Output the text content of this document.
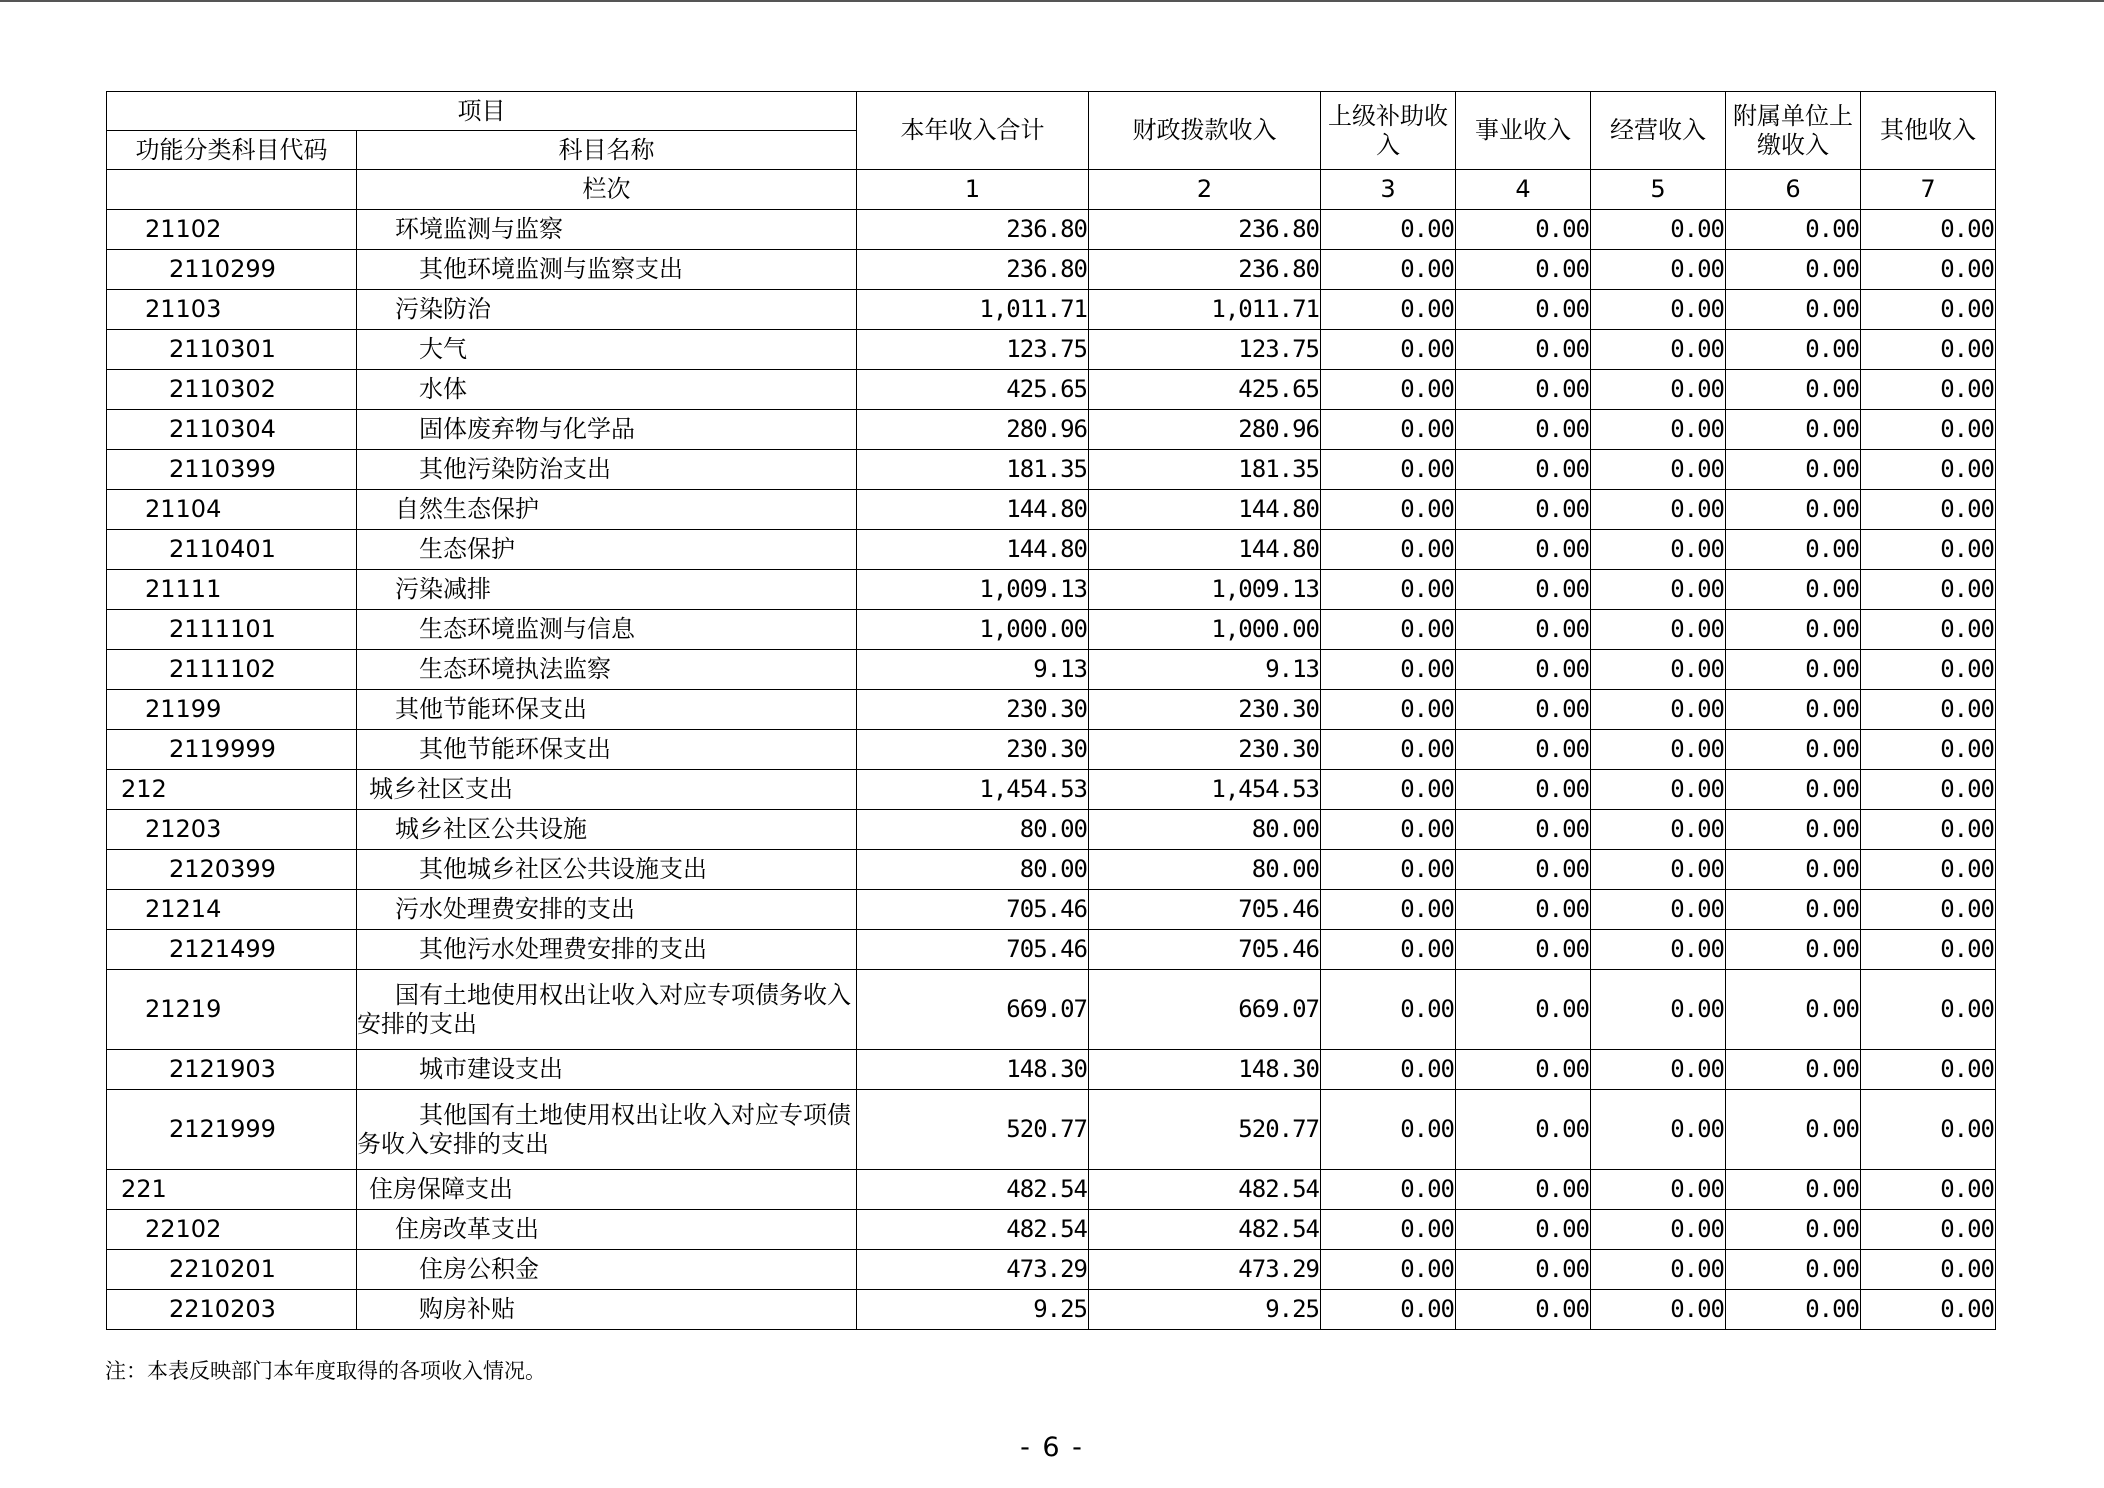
项目		本年收入合计	财政拨款收入	上级补助收入	事业收入	经营收入	附属单位上缴收入	其他收入
功能分类科目代码	科目名称							
	栏次	1	2	3	4	5	6	7
21102	环境监测与监察	236.80	236.80	0.00	0.00	0.00	0.00	0.00
2110299	其他环境监测与监察支出	236.80	236.80	0.00	0.00	0.00	0.00	0.00
21103	污染防治	1,011.71	1,011.71	0.00	0.00	0.00	0.00	0.00
2110301	大气	123.75	123.75	0.00	0.00	0.00	0.00	0.00
2110302	水体	425.65	425.65	0.00	0.00	0.00	0.00	0.00
2110304	固体废弃物与化学品	280.96	280.96	0.00	0.00	0.00	0.00	0.00
2110399	其他污染防治支出	181.35	181.35	0.00	0.00	0.00	0.00	0.00
21104	自然生态保护	144.80	144.80	0.00	0.00	0.00	0.00	0.00
2110401	生态保护	144.80	144.80	0.00	0.00	0.00	0.00	0.00
21111	污染减排	1,009.13	1,009.13	0.00	0.00	0.00	0.00	0.00
2111101	生态环境监测与信息	1,000.00	1,000.00	0.00	0.00	0.00	0.00	0.00
2111102	生态环境执法监察	9.13	9.13	0.00	0.00	0.00	0.00	0.00
21199	其他节能环保支出	230.30	230.30	0.00	0.00	0.00	0.00	0.00
2119999	其他节能环保支出	230.30	230.30	0.00	0.00	0.00	0.00	0.00
212	城乡社区支出	1,454.53	1,454.53	0.00	0.00	0.00	0.00	0.00
21203	城乡社区公共设施	80.00	80.00	0.00	0.00	0.00	0.00	0.00
2120399	其他城乡社区公共设施支出	80.00	80.00	0.00	0.00	0.00	0.00	0.00
21214	污水处理费安排的支出	705.46	705.46	0.00	0.00	0.00	0.00	0.00
2121499	其他污水处理费安排的支出	705.46	705.46	0.00	0.00	0.00	0.00	0.00
21219	国有土地使用权出让收入对应专项债务收入安排的支出	669.07	669.07	0.00	0.00	0.00	0.00	0.00
2121903	城市建设支出	148.30	148.30	0.00	0.00	0.00	0.00	0.00
2121999	其他国有土地使用权出让收入对应专项债务收入安排的支出	520.77	520.77	0.00	0.00	0.00	0.00	0.00
221	住房保障支出	482.54	482.54	0.00	0.00	0.00	0.00	0.00
22102	住房改革支出	482.54	482.54	0.00	0.00	0.00	0.00	0.00
2210201	住房公积金	473.29	473.29	0.00	0.00	0.00	0.00	0.00
2210203	购房补贴	9.25	9.25	0.00	0.00	0.00	0.00	0.00
注：本表反映部门本年度取得的各项收入情况。
- 6 -
